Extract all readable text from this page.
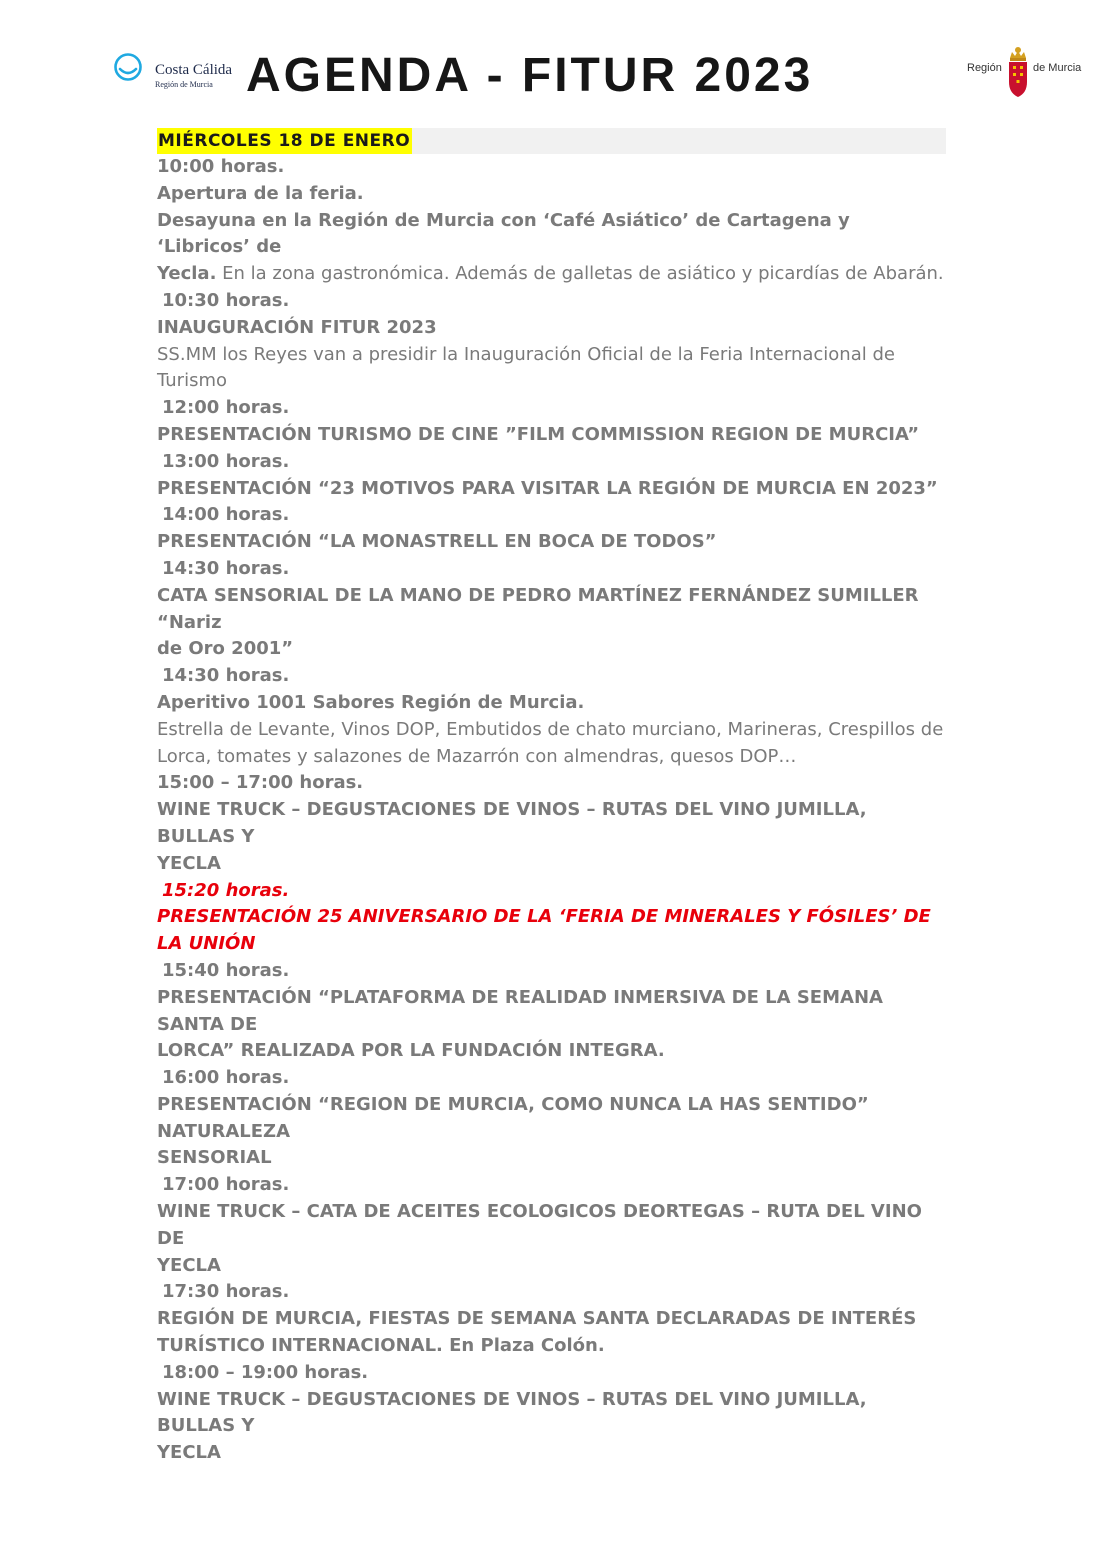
Costa Cálida
Región de Murcia AGENDA - FITUR 2023	Región	de Murcia
MIÉRCOLES 18 DE ENERO

10:00 horas.

Apertura de la feria.

Desayuna en la Región de Murcia con ‘Café Asiático’ de Cartagena y ‘Libricos’ de

Yecla. En la zona gastronómica. Además de galletas de asiático y picardías de Abarán.

10:30 horas.

INAUGURACIÓN FITUR 2023

SS.MM los Reyes van a presidir la Inauguración Oficial de la Feria Internacional de

Turismo

12:00 horas.

PRESENTACIÓN TURISMO DE CINE ”FILM COMMISSION REGION DE MURCIA”

13:00 horas.

PRESENTACIÓN “23 MOTIVOS PARA VISITAR LA REGIÓN DE MURCIA EN 2023”

14:00 horas.

PRESENTACIÓN “LA MONASTRELL EN BOCA DE TODOS”

14:30 horas.

CATA SENSORIAL DE LA MANO DE PEDRO MARTÍNEZ FERNÁNDEZ SUMILLER “Nariz

de Oro 2001”

14:30 horas.

Aperitivo 1001 Sabores Región de Murcia.

Estrella de Levante, Vinos DOP, Embutidos de chato murciano, Marineras, Crespillos de

Lorca, tomates y salazones de Mazarrón con almendras, quesos DOP…

15:00 – 17:00 horas.

WINE TRUCK – DEGUSTACIONES DE VINOS – RUTAS DEL VINO JUMILLA, BULLAS Y

YECLA

15:20 horas.

PRESENTACIÓN 25 ANIVERSARIO DE LA ‘FERIA DE MINERALES Y FÓSILES’ DE LA UNIÓN

15:40 horas.

PRESENTACIÓN “PLATAFORMA DE REALIDAD INMERSIVA DE LA SEMANA SANTA DE

LORCA” REALIZADA POR LA FUNDACIÓN INTEGRA.

16:00 horas.

PRESENTACIÓN “REGION DE MURCIA, COMO NUNCA LA HAS SENTIDO” NATURALEZA

SENSORIAL

17:00 horas.

WINE TRUCK – CATA DE ACEITES ECOLOGICOS DEORTEGAS – RUTA DEL VINO DE

YECLA

17:30 horas.

REGIÓN DE MURCIA, FIESTAS DE SEMANA SANTA DECLARADAS DE INTERÉS

TURÍSTICO INTERNACIONAL. En Plaza Colón.

18:00 – 19:00 horas.

WINE TRUCK – DEGUSTACIONES DE VINOS – RUTAS DEL VINO JUMILLA, BULLAS Y

YECLA
